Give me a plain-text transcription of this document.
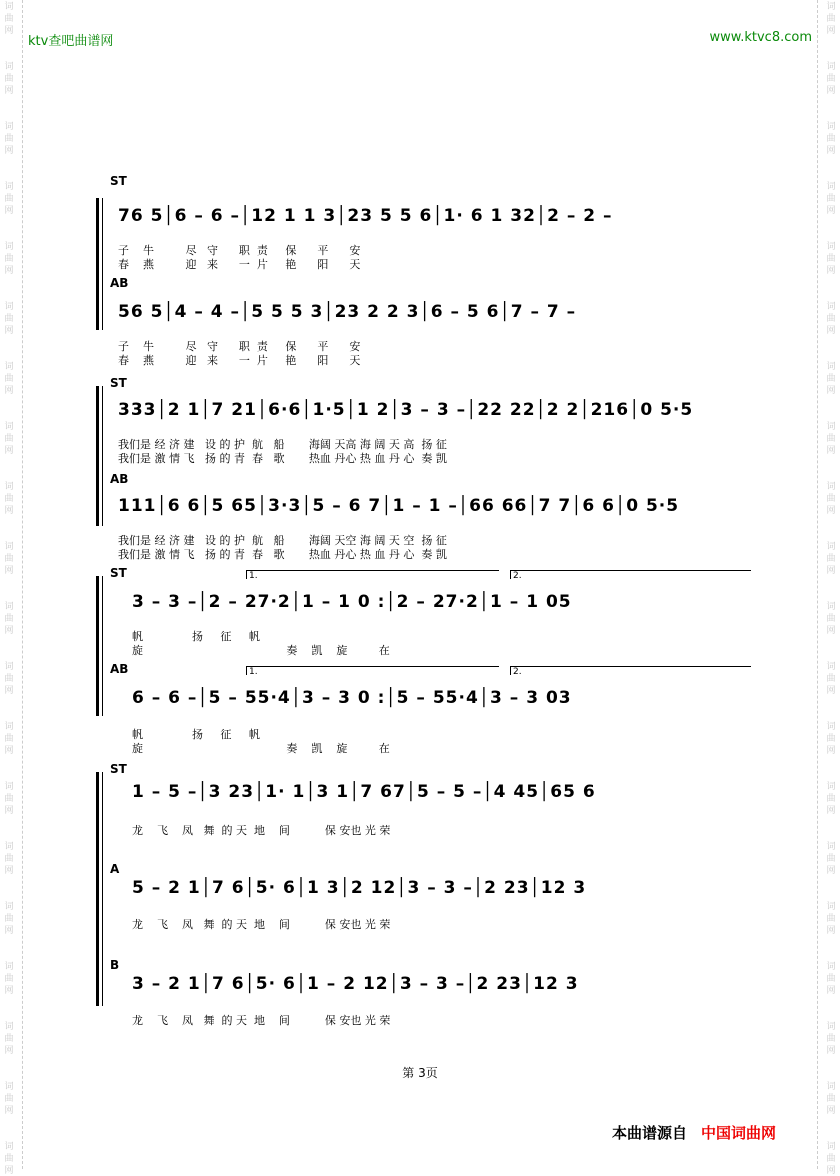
词
曲
网
词
曲
网
词
曲
网
词
曲
网
词
曲
网
词
曲
网
词
曲
网
词
曲
网
词
曲
网
词
曲
网
词
曲
网
词
曲
网
词
曲
网
词
曲
网
词
曲
网
词
曲
网
词
曲
网
词
曲
网
词
曲
网
词
曲
网
词
曲
网
词
曲
网
词
曲
网
词
曲
网
词
曲
网
词
曲
网
词
曲
网
词
曲
网
词
曲
网
词
曲
网
词
曲
网
词
曲
网
词
曲
网
词
曲
网
词
曲
网
词
曲
网
词
曲
网
词
曲
网
词
曲
网
词
曲
网
ktv查吧曲谱网	www.ktvc8.com
ST
76 5│6 – 6 –│12 1 1 3│23 5 5 6│1· 6 1 32│2 – 2 –
子    牛         尽   守      职  责     保      平      安
春    燕         迎   来      一  片     艳      阳      天
AB
56 5│4 – 4 –│5 5 5 3│23 2 2 3│6 – 5 6│7 – 7 –
子    牛         尽   守      职  责     保      平      安
春    燕         迎   来      一  片     艳      阳      天
ST
333│2 1│7 21│6·6│1·5│1 2│3 – 3 –│22 22│2 2│216│0 5·5
我们是 经 济 建   设 的 护  航   船       海阔 天高 海 阔 天 高  扬 征
我们是 激 情 飞   扬 的 青  春   歌       热血 丹心 热 血 丹 心  奏 凯
AB
111│6 6│5 65│3·3│5 – 6 7│1 – 1 –│66 66│7 7│6 6│0 5·5
我们是 经 济 建   设 的 护  航   船       海阔 天空 海 阔 天 空  扬 征
我们是 激 情 飞   扬 的 青  春   歌       热血 丹心 热 血 丹 心  奏 凯
1.	2.
1.	2.
ST
3 – 3 –│2 – 27·2│1 – 1 0 :│2 – 27·2│1 – 1 05
帆              扬     征     帆
旋                                         奏    凯    旋         在
AB
6 – 6 –│5 – 55·4│3 – 3 0 :│5 – 55·4│3 – 3 03
帆              扬     征     帆
旋                                         奏    凯    旋         在
ST
1 – 5 –│3 23│1· 1│3 1│7 67│5 – 5 –│4 45│65 6
龙    飞    凤   舞  的 天  地    间          保 安也 光 荣
A
5 – 2 1│7 6│5· 6│1 3│2 12│3 – 3 –│2 23│12 3
龙    飞    凤   舞  的 天  地    间          保 安也 光 荣
B
3 – 2 1│7 6│5· 6│1 – 2 12│3 – 3 –│2 23│12 3
龙    飞    凤   舞  的 天  地    间          保 安也 光 荣
第 3页
本曲谱源自 中国词曲网
